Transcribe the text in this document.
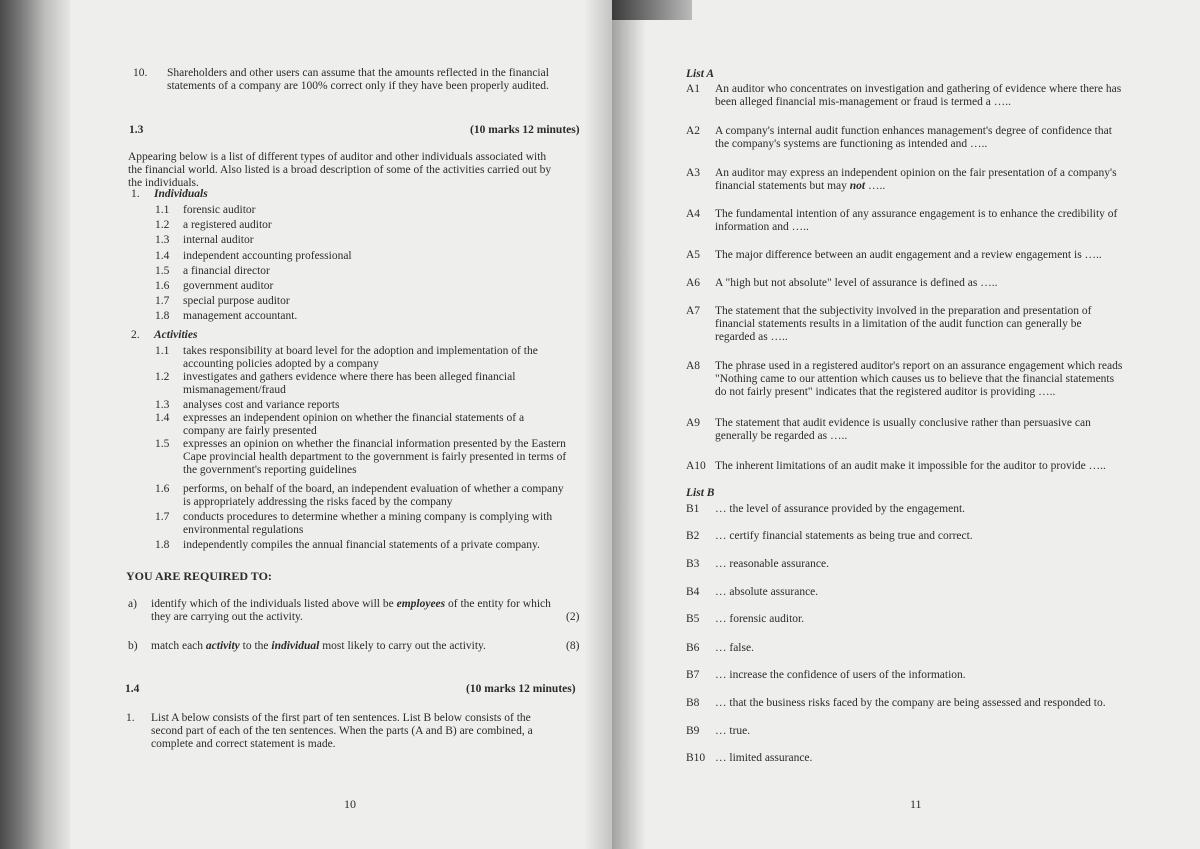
10. Shareholders and other users can assume that the amounts reflected in the financial
statements of a company are 100% correct only if they have been properly audited.
1.3	(10 marks 12 minutes)
Appearing below is a list of different types of auditor and other individuals associated with
the financial world. Also listed is a broad description of some of the activities carried out by
the individuals.
1. Individuals
1.1 forensic auditor
1.2 a registered auditor
1.3 internal auditor
1.4 independent accounting professional
1.5 a financial director
1.6 government auditor
1.7 special purpose auditor
1.8 management accountant.
2. Activities
1.1 takes responsibility at board level for the adoption and implementation of the
accounting policies adopted by a company
1.2 investigates and gathers evidence where there has been alleged financial
mismanagement/fraud
1.3 analyses cost and variance reports
1.4 expresses an independent opinion on whether the financial statements of a
company are fairly presented
1.5 expresses an opinion on whether the financial information presented by the Eastern
Cape provincial health department to the government is fairly presented in terms of
the government's reporting guidelines
1.6 performs, on behalf of the board, an independent evaluation of whether a company
is appropriately addressing the risks faced by the company
1.7 conducts procedures to determine whether a mining company is complying with
environmental regulations
1.8 independently compiles the annual financial statements of a private company.
YOU ARE REQUIRED TO:
a) identify which of the individuals listed above will be employees of the entity for which
they are carrying out the activity.	(2)
b) match each activity to the individual most likely to carry out the activity.	(8)
1.4	(10 marks 12 minutes)
1. List A below consists of the first part of ten sentences. List B below consists of the
second part of each of the ten sentences. When the parts (A and B) are combined, a
complete and correct statement is made.
10
List A
A1 An auditor who concentrates on investigation and gathering of evidence where there has
been alleged financial mis-management or fraud is termed a …..
A2 A company's internal audit function enhances management's degree of confidence that
the company's systems are functioning as intended and …..
A3 An auditor may express an independent opinion on the fair presentation of a company's
financial statements but may not …..
A4 The fundamental intention of any assurance engagement is to enhance the credibility of
information and …..
A5 The major difference between an audit engagement and a review engagement is …..
A6 A "high but not absolute" level of assurance is defined as …..
A7 The statement that the subjectivity involved in the preparation and presentation of
financial statements results in a limitation of the audit function can generally be
regarded as …..
A8 The phrase used in a registered auditor's report on an assurance engagement which reads
"Nothing came to our attention which causes us to believe that the financial statements
do not fairly present" indicates that the registered auditor is providing …..
A9 The statement that audit evidence is usually conclusive rather than persuasive can
generally be regarded as …..
A10 The inherent limitations of an audit make it impossible for the auditor to provide …..
List B
B1 … the level of assurance provided by the engagement.
B2 … certify financial statements as being true and correct.
B3 … reasonable assurance.
B4 … absolute assurance.
B5 … forensic auditor.
B6 … false.
B7 … increase the confidence of users of the information.
B8 … that the business risks faced by the company are being assessed and responded to.
B9 … true.
B10 … limited assurance.
11
